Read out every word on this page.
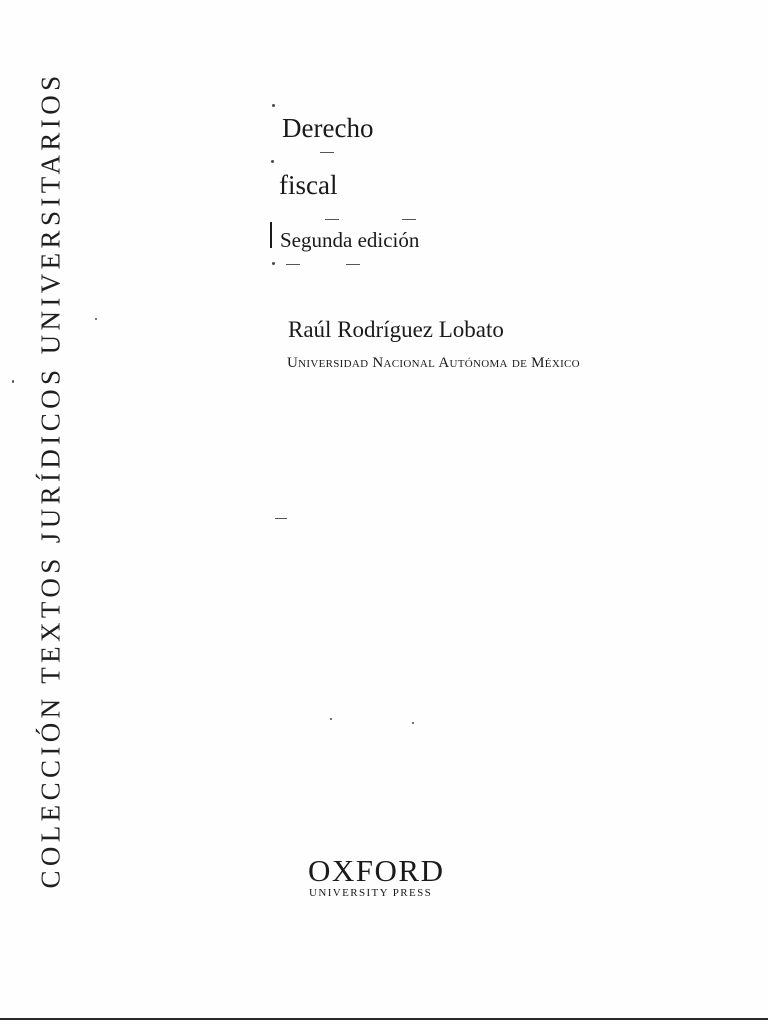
COLECCIÓN TEXTOS JURÍDICOS UNIVERSITARIOS	Derecho
fiscal
Segunda edición
Raúl Rodríguez Lobato
Universidad Nacional Autónoma de México
OXFORD
UNIVERSITY PRESS
